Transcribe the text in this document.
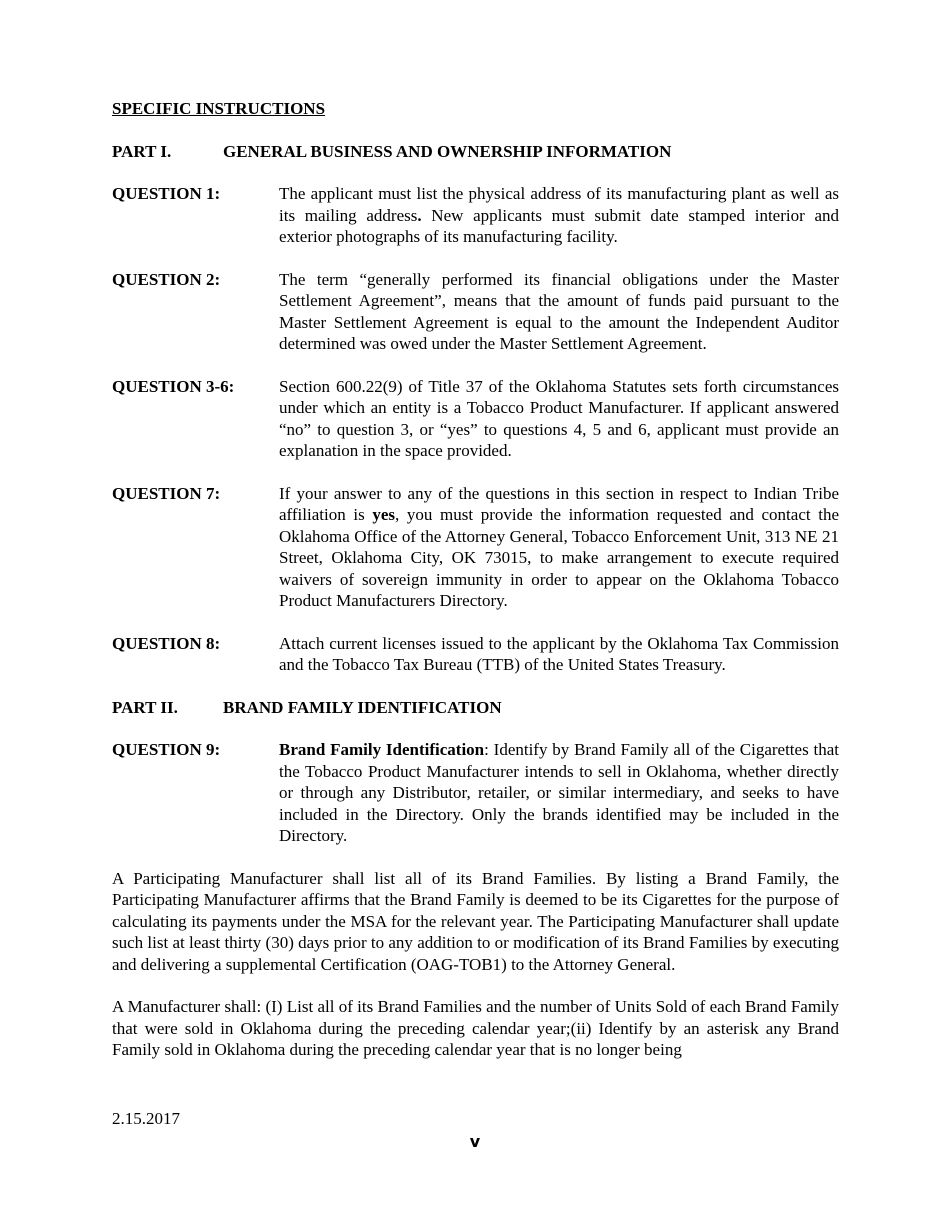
SPECIFIC INSTRUCTIONS
PART I.	GENERAL BUSINESS AND OWNERSHIP INFORMATION
QUESTION 1:	The applicant must list the physical address of its manufacturing plant as well as its mailing address. New applicants must submit date stamped interior and exterior photographs of its manufacturing facility.
QUESTION 2:	The term “generally performed its financial obligations under the Master Settlement Agreement”, means that the amount of funds paid pursuant to the Master Settlement Agreement is equal to the amount the Independent Auditor determined was owed under the Master Settlement Agreement.
QUESTION 3-6:	Section 600.22(9) of Title 37 of the Oklahoma Statutes sets forth circumstances under which an entity is a Tobacco Product Manufacturer. If applicant answered “no” to question 3, or “yes” to questions 4, 5 and 6, applicant must provide an explanation in the space provided.
QUESTION 7:	If your answer to any of the questions in this section in respect to Indian Tribe affiliation is yes, you must provide the information requested and contact the Oklahoma Office of the Attorney General, Tobacco Enforcement Unit, 313 NE 21 Street, Oklahoma City, OK 73015, to make arrangement to execute required waivers of sovereign immunity in order to appear on the Oklahoma Tobacco Product Manufacturers Directory.
QUESTION 8:	Attach current licenses issued to the applicant by the Oklahoma Tax Commission and the Tobacco Tax Bureau (TTB) of the United States Treasury.
PART II.	BRAND FAMILY IDENTIFICATION
QUESTION 9:	Brand Family Identification: Identify by Brand Family all of the Cigarettes that the Tobacco Product Manufacturer intends to sell in Oklahoma, whether directly or through any Distributor, retailer, or similar intermediary, and seeks to have included in the Directory. Only the brands identified may be included in the Directory.
A Participating Manufacturer shall list all of its Brand Families. By listing a Brand Family, the Participating Manufacturer affirms that the Brand Family is deemed to be its Cigarettes for the purpose of calculating its payments under the MSA for the relevant year. The Participating Manufacturer shall update such list at least thirty (30) days prior to any addition to or modification of its Brand Families by executing and delivering a supplemental Certification (OAG-TOB1) to the Attorney General.
A Manufacturer shall: (I) List all of its Brand Families and the number of Units Sold of each Brand Family that were sold in Oklahoma during the preceding calendar year;(ii) Identify by an asterisk any Brand Family sold in Oklahoma during the preceding calendar year that is no longer being
2.15.2017
v
